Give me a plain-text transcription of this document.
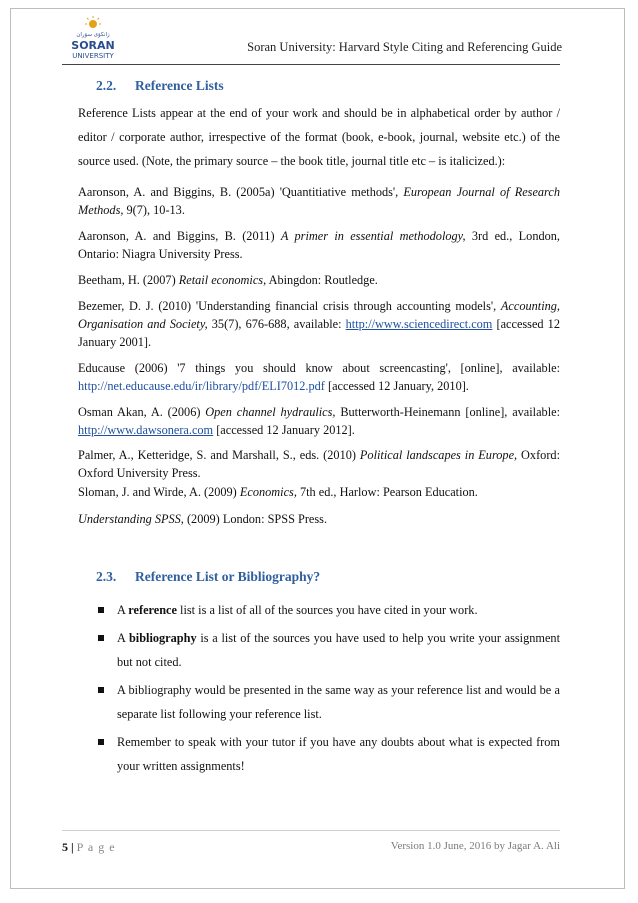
زانکۆی سۆران
SORAN
UNIVERSITY
Soran University: Harvard Style Citing and Referencing Guide
2.2. Reference Lists

Reference Lists appear at the end of your work and should be in alphabetical order by author / editor / corporate author, irrespective of the format (book, e-book, journal, website etc.) of the source used. (Note, the primary source – the book title, journal title etc – is italicized.):

Aaronson, A. and Biggins, B. (2005a) 'Quantitiative methods', European Journal of Research Methods, 9(7), 10-13.

Aaronson, A. and Biggins, B. (2011) A primer in essential methodology, 3rd ed., London, Ontario: Niagra University Press.

Beetham, H. (2007) Retail economics, Abingdon: Routledge.

Bezemer, D. J. (2010) 'Understanding financial crisis through accounting models', Accounting, Organisation and Society, 35(7), 676-688, available: http://www.sciencedirect.com [accessed 12 January 2001].

Educause (2006) '7 things you should know about screencasting', [online], available: http://net.educause.edu/ir/library/pdf/ELI7012.pdf [accessed 12 January, 2010].

Osman Akan, A. (2006) Open channel hydraulics, Butterworth-Heinemann [online], available: http://www.dawsonera.com [accessed 12 January 2012].

Palmer, A., Ketteridge, S. and Marshall, S., eds. (2010) Political landscapes in Europe, Oxford: Oxford University Press.

Sloman, J. and Wirde, A. (2009) Economics, 7th ed., Harlow: Pearson Education.

Understanding SPSS, (2009) London: SPSS Press.

2.3. Reference List or Bibliography?
A reference list is a list of all of the sources you have cited in your work.
A bibliography is a list of the sources you have used to help you write your assignment but not cited.
A bibliography would be presented in the same way as your reference list and would be a separate list following your reference list.
Remember to speak with your tutor if you have any doubts about what is expected from your written assignments!
5 | P a g e	Version 1.0 June, 2016 by Jagar A. Ali
